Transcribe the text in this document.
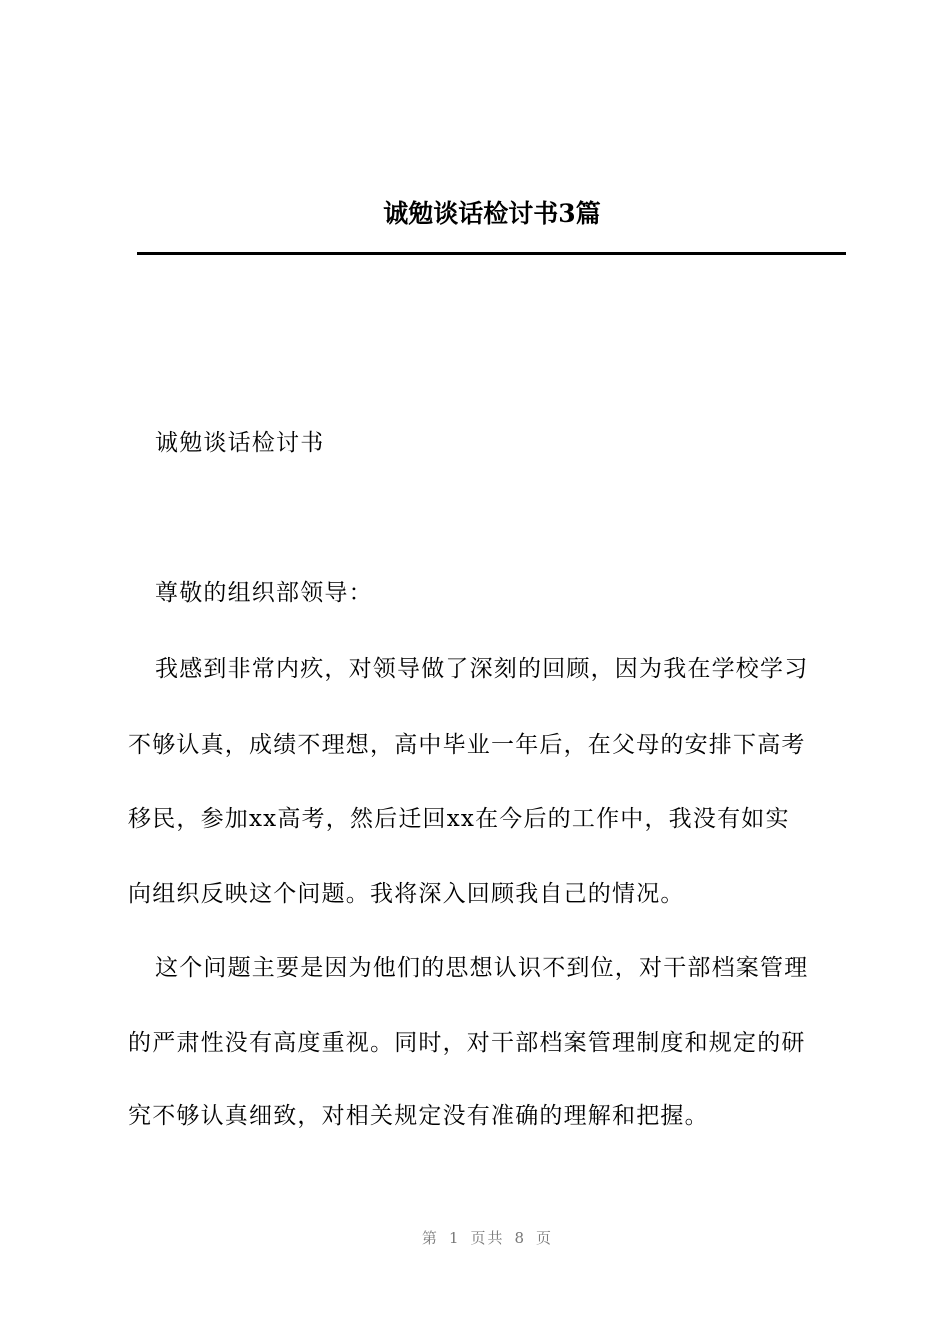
诚勉谈话检讨书3篇
诚勉谈话检讨书
尊敬的组织部领导：
我感到非常内疚，对领导做了深刻的回顾，因为我在学校学习
不够认真，成绩不理想，高中毕业一年后，在父母的安排下高考
移民，参加xx高考，然后迁回xx在今后的工作中，我没有如实
向组织反映这个问题。我将深入回顾我自己的情况。
这个问题主要是因为他们的思想认识不到位，对干部档案管理
的严肃性没有高度重视。同时，对干部档案管理制度和规定的研
究不够认真细致，对相关规定没有准确的理解和把握。
第 1 页共 8 页
